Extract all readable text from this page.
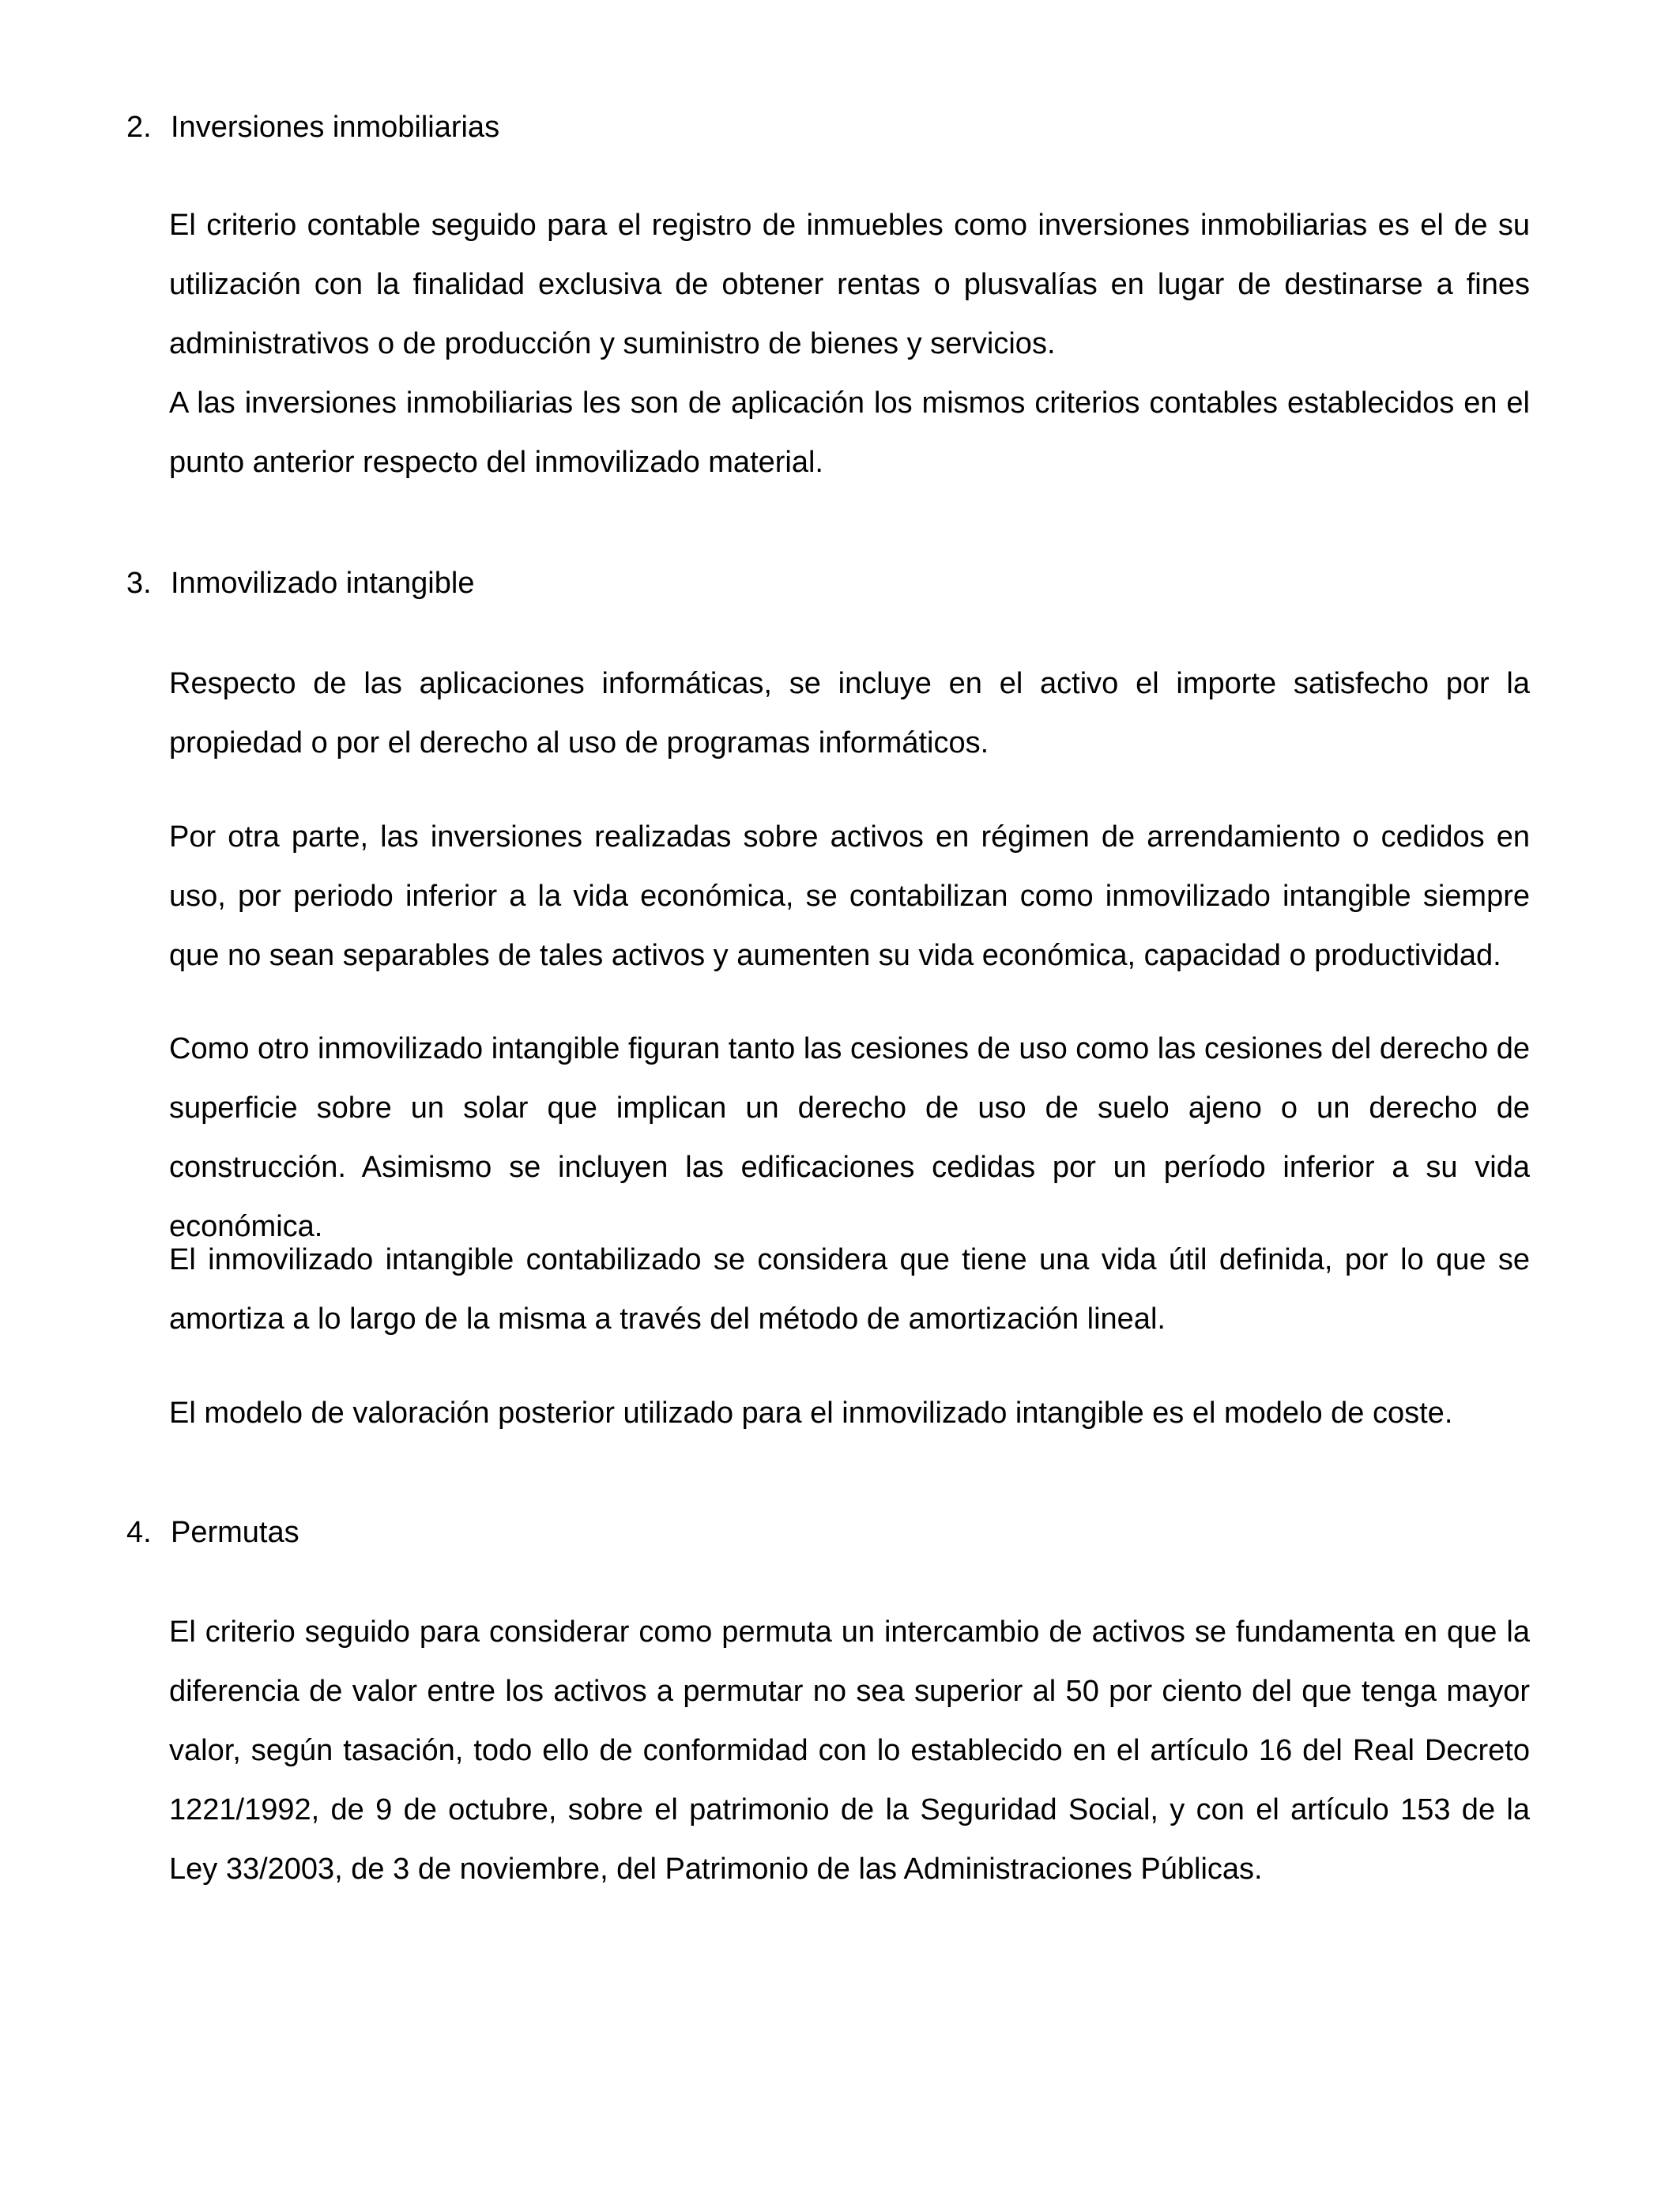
2. Inversiones inmobiliarias

El criterio contable seguido para el registro de inmuebles como inversiones inmobiliarias es el de su utilización con la finalidad exclusiva de obtener rentas o plusvalías en lugar de destinarse a fines administrativos o de producción y suministro de bienes y servicios.

A las inversiones inmobiliarias les son de aplicación los mismos criterios contables establecidos en el punto anterior respecto del inmovilizado material.

3. Inmovilizado intangible

Respecto de las aplicaciones informáticas, se incluye en el activo el importe satisfecho por la propiedad o por el derecho al uso de programas informáticos.

Por otra parte, las inversiones realizadas sobre activos en régimen de arrendamiento o cedidos en uso, por periodo inferior a la vida económica, se contabilizan como inmovilizado intangible siempre que no sean separables de tales activos y aumenten su vida económica, capacidad o productividad.

Como otro inmovilizado intangible figuran tanto las cesiones de uso como las cesiones del derecho de superficie sobre un solar que implican un derecho de uso de suelo ajeno o un derecho de construcción. Asimismo se incluyen las edificaciones cedidas por un período inferior a su vida económica.

El inmovilizado intangible contabilizado se considera que tiene una vida útil definida, por lo que se amortiza a lo largo de la misma a través del método de amortización lineal.

El modelo de valoración posterior utilizado para el inmovilizado intangible es el modelo de coste.

4. Permutas

El criterio seguido para considerar como permuta un intercambio de activos se fundamenta en que la diferencia de valor entre los activos a permutar no sea superior al 50 por ciento del que tenga mayor valor, según tasación, todo ello de conformidad con lo establecido en el artículo 16 del Real Decreto 1221/1992, de 9 de octubre, sobre el patrimonio de la Seguridad Social, y con el artículo 153 de la Ley 33/2003, de 3 de noviembre, del Patrimonio de las Administraciones Públicas.
